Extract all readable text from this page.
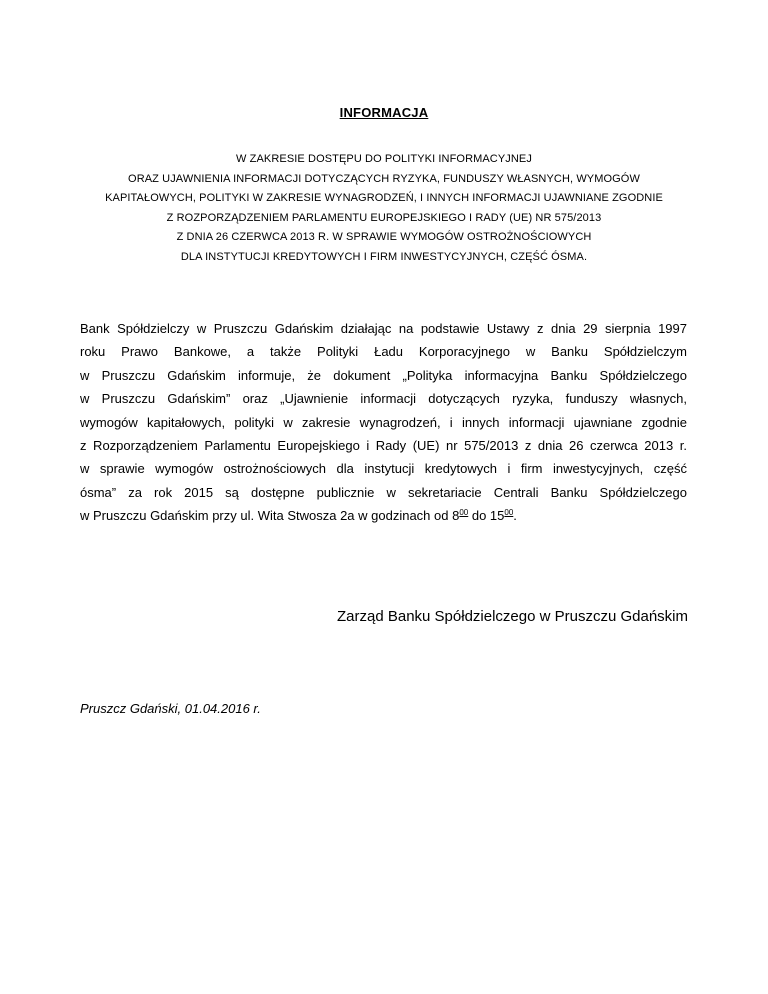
INFORMACJA
W ZAKRESIE DOSTĘPU DO POLITYKI INFORMACYJNEJ
ORAZ UJAWNIENIA INFORMACJI DOTYCZĄCYCH RYZYKA, FUNDUSZY WŁASNYCH, WYMOGÓW
KAPITAŁOWYCH, POLITYKI W ZAKRESIE WYNAGRODZEŃ, I INNYCH INFORMACJI UJAWNIANE ZGODNIE
Z ROZPORZĄDZENIEM PARLAMENTU EUROPEJSKIEGO I RADY (UE) NR 575/2013
Z DNIA 26 CZERWCA 2013 R. W SPRAWIE WYMOGÓW OSTROŻNOŚCIOWYCH
DLA INSTYTUCJI KREDYTOWYCH I FIRM INWESTYCYJNYCH, CZĘŚĆ ÓSMA.
Bank Spółdzielczy w Pruszczu Gdańskim działając na podstawie Ustawy z dnia 29 sierpnia 1997
roku Prawo Bankowe, a także Polityki Ładu Korporacyjnego w Banku Spółdzielczym
w Pruszczu Gdańskim informuje, że dokument „Polityka informacyjna Banku Spółdzielczego
w Pruszczu Gdańskim” oraz „Ujawnienie informacji dotyczących ryzyka, funduszy własnych,
wymogów kapitałowych, polityki w zakresie wynagrodzeń, i innych informacji ujawniane zgodnie
z Rozporządzeniem Parlamentu Europejskiego i Rady (UE) nr 575/2013 z dnia 26 czerwca 2013 r.
w sprawie wymogów ostrożnościowych dla instytucji kredytowych i firm inwestycyjnych, część
ósma” za rok 2015 są dostępne publicznie w sekretariacie Centrali Banku Spółdzielczego
w Pruszczu Gdańskim przy ul. Wita Stwosza 2a w godzinach od $8^{00}$ do $15^{00}$.
Zarząd Banku Spółdzielczego w Pruszczu Gdańskim
Pruszcz Gdański, 01.04.2016 r.
